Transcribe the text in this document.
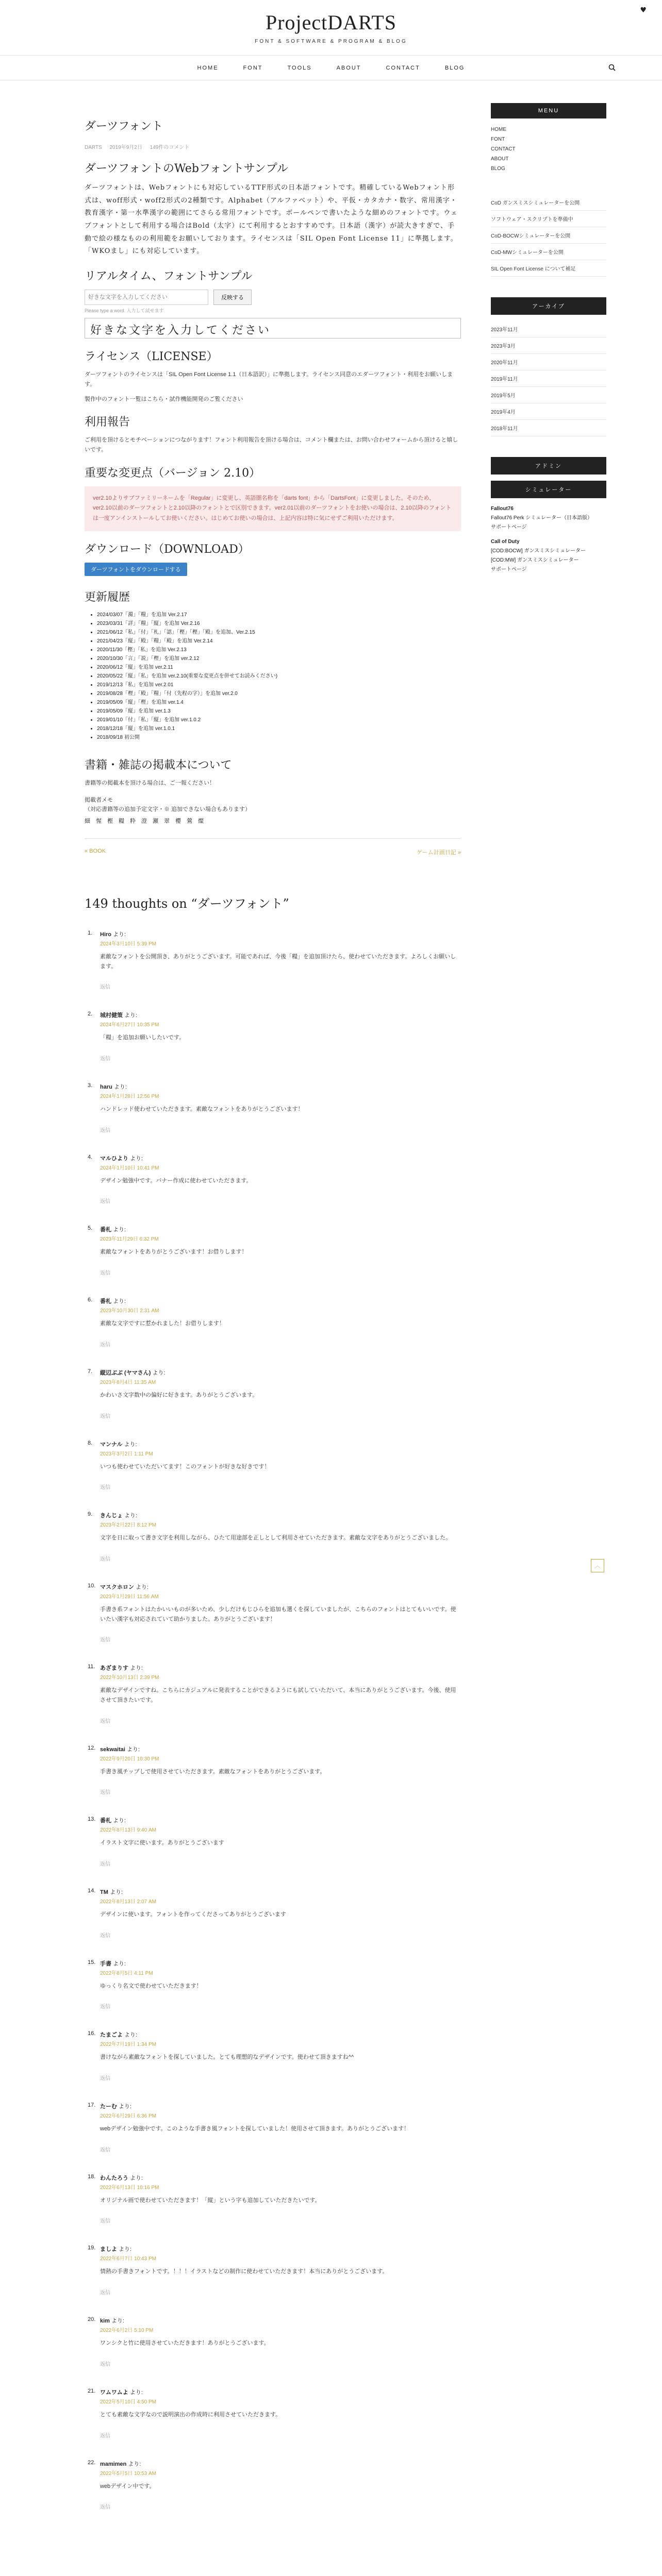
ProjectDARTS
FONT & SOFTWARE & PROGRAM & BLOG
♥
HOME	FONT	TOOLS	ABOUT	CONTACT	BLOG
ダーツフォント
DARTS 2019年9月2日 149件のコメント
ダーツフォントのWebフォントサンプル

ダーツフォントは、Webフォントにも対応しているTTF形式の日本語フォントです。精確しているWebフォント形式は、woff形式・woff2形式の2種類です。Alphabet（アルファベット）や、平仮・カタカナ・数字、常用漢字・教育漢字・第一水準漢字の範囲にてさらる常用フォントです。ボールペンで書いたような細めのフォントです。ウェブフォントとして利用する場合はBold（太字）にて利用するとおすすめです。日本語（漢字）が読大きすぎで、手動で絵の様なものの利用範をお願いしております。ライセンスは「SIL Open Font License 11」に準拠します。「WKOまし」にも対応しています。

リアルタイム、フォントサンプル
好きな文字を入力してください
反映する
Please type a word. 入力して試せます
好きな文字を入力してください
ライセンス（LICENSE）

ダーツフォントのライセンスは「SIL Open Font License 1.1（日本語訳）」に準拠します。ライセンス同意のエダーツフォント・利用をお願いします。

製作中のフォント一覧はこちら・試作機能開発のご覧ください

利用報告

ご利用を頂けるとモチベーションにつながります！フォント利用報告を頂ける場合は、コメント欄または、お問い合わせフォームから頂けると嬉しいです。

重要な変更点（バージョン 2.10）
ver2.10よりサブファミリーネームを「Regular」に変更し、英語圏名称を「darts font」から「DartsFont」に変更しました。そのため、ver2.10以前のダーツフォントと2.10以降のフォントとで区別できます。ver2.01以前のダーツフォントをお使いの場合は、2.10以降のフォントは一度アンインストールしてお使いください。はじめてお使いの場合は、上記内容は特に気にせずご利用いただけます。
ダウンロード（DOWNLOAD）
ダーツフォントをダウンロードする
更新履歴
• 2024/03/07「濁」「糧」を追加 Ver.2.17
• 2023/03/31「詳」「糧」「縦」を追加 Ver.2.16
• 2021/06/12「私」「付」「札」「認」「樫」「樫」「殿」を追加、Ver.2.15
• 2021/04/23「縦」「殿」「糧」「殿」を追加 Ver.2.14
• 2020/11/30「樫」「私」を追加 Ver.2.13
• 2020/10/30「言」「説」「樫」を追加 ver.2.12
• 2020/06/12「縦」を追加 ver.2.11
• 2020/05/22「縦」「私」を追加 ver.2.10(重要な変更点を併せてお読みください)
• 2019/12/13「私」を追加 ver.2.01
• 2019/08/28「樫」「殿」「糧」「付（先程の字）」を追加 ver.2.0
• 2019/05/09「縦」「樫」を追加 ver.1.4
• 2019/05/09「縦」を追加 ver.1.3
• 2019/01/10「付」「私」「縦」を追加 ver.1.0.2
• 2018/12/18「縦」を追加 ver.1.0.1
• 2018/09/18 初公開
書籍・雑誌の掲載本について

書籍等の掲載本を頂ける場合は、ご一報ください！

掲載者メモ

（対応書籍等の追加予定文字・※ 追加できない場合もあります）

細	惺	樫	糧	粋	澄	瀬	翠	櫻	鶯	燦
« BOOK	ゲーム計画日記 »
149 thoughts on “ダーツフォント”
1. Hiro より:
2024年3月10日 5:39 PM
素敵なフォントを公開頂き、ありがとうございます。可能であれば、今後「糧」を追加頂けたら、使わせていただきます。よろしくお願いします。
返信
2. 城村健策 より:
2024年6月27日 10:35 PM
「糧」を追加お願いしたいです。
返信
3. haru より:
2024年1月28日 12:56 PM
ハンドレッド使わせていただきます。素敵なフォントをありがとうございます！
返信
4. マルひより より:
2024年1月10日 10:41 PM
デザイン勉強中です。バナー作成に使わせていただきます。
返信
5. 番札 より:
2023年11月29日 6:32 PM
素敵なフォントをありがとうございます！お借りします！
返信
6. 番札 より:
2023年10月30日 2:31 AM
素敵な文字ですに惹かれました！お借りします！
返信
7. 縦辺ぶぶ (ヤマさん) より:
2023年8月4日 11:35 AM
かわいさ文字数中の偏好に好きます。ありがとうございます。
返信
8. マンナル より:
2023年3月2日 1:11 PM
いつも使わせていただいてます！このフォントが好きな好きです！
返信
9. きんじょ より:
2023年2月22日 8:12 PM
文字を日に取って書き文字を利用しながら、ひたて用途部を正しとして利用させていただきます。素敵な文字をありがとうございました。
返信
10. マスクホロン より:
2023年1月29日 11:56 AM
手書き系フォントはたかいいものが多いため、少しだけもじひらを追加も選くを探していましたが、こちらのフォントはとてもいいです。使いたい漢字も対応されていて助かりました。ありがとうございます！
返信
11. あざまりす より:
2022年10月13日 2:39 PM
素敵なデザインですね。こちらにカジュアルに発表することができるようにも試していただいて、本当にありがとうございます。今後、使用させて頂きたいです。
返信
12. sekwaitai より:
2022年9月20日 10:30 PM
手書き風チップしで使用させていただきます。素敵なフォントをありがとうございます。
返信
13. 番札 より:
2022年8月13日 9:40 AM
イラスト文字に使います。ありがとうございます
返信
14. TM より:
2022年8月13日 2:07 AM
デザインに使います。フォントを作ってくださってありがとうございます
返信
15. 手書 より:
2022年8月5日 4:11 PM
ゆっくり名文で使わせていただきます！
返信
16. たまごよ より:
2022年7月19日 1:34 PM
書けながら素敵なフォントを探していました。とても理想的なデザインです。使わせて頂きますね^^
返信
17. たーむ より:
2022年6月29日 6:36 PM
webデザイン勉強中です。このような手書き風フォントを探していました！使用させて頂きます。ありがとうございます！
返信
18. わんたろう より:
2022年6月13日 10:16 PM
オリジナル画で使わせていただきます！「縦」という字も追加していただきたいです。
返信
19. ましよ より:
2022年6月7日 10:43 PM
情熱の手書きフォントです。！！！イラストなどの制作に使わせていただきます！本当にありがとうございます。
返信
20. kim より:
2022年6月2日 5:10 PM
ワンシクと竹に使用させていただきます！ありがとうございます。
返信
21. ワムワムよ より:
2022年5月10日 4:50 PM
とても素敵な文字なので説明演出の作成時に利用させていただきます。
返信
22. mamimen より:
2022年5月5日 10:53 AM
webデザイン中です。
返信
MENU
HOME
FONT
CONTACT
ABOUT
BLOG
CoD ガンスミスシミュレーターを公開
ソフトウェア・スクリプトを準備中
CoD-BOCWシミュレーターを公開
CoD-MWシミュレーターを公開
SIL Open Font License について補足
アーカイブ
2023年11月
2023年3月
2020年11月
2019年11月
2019年5月
2019年4月
2018年11月
アドミン
シミュレーター
Fallout76
Fallout76 Perk シミュレーター（日本語版）
サポートページ
Call of Duty
[COD:BOCW] ガンスミスシミュレーター
[COD:MW] ガンスミスシミュレーター
サポートページ
︿
